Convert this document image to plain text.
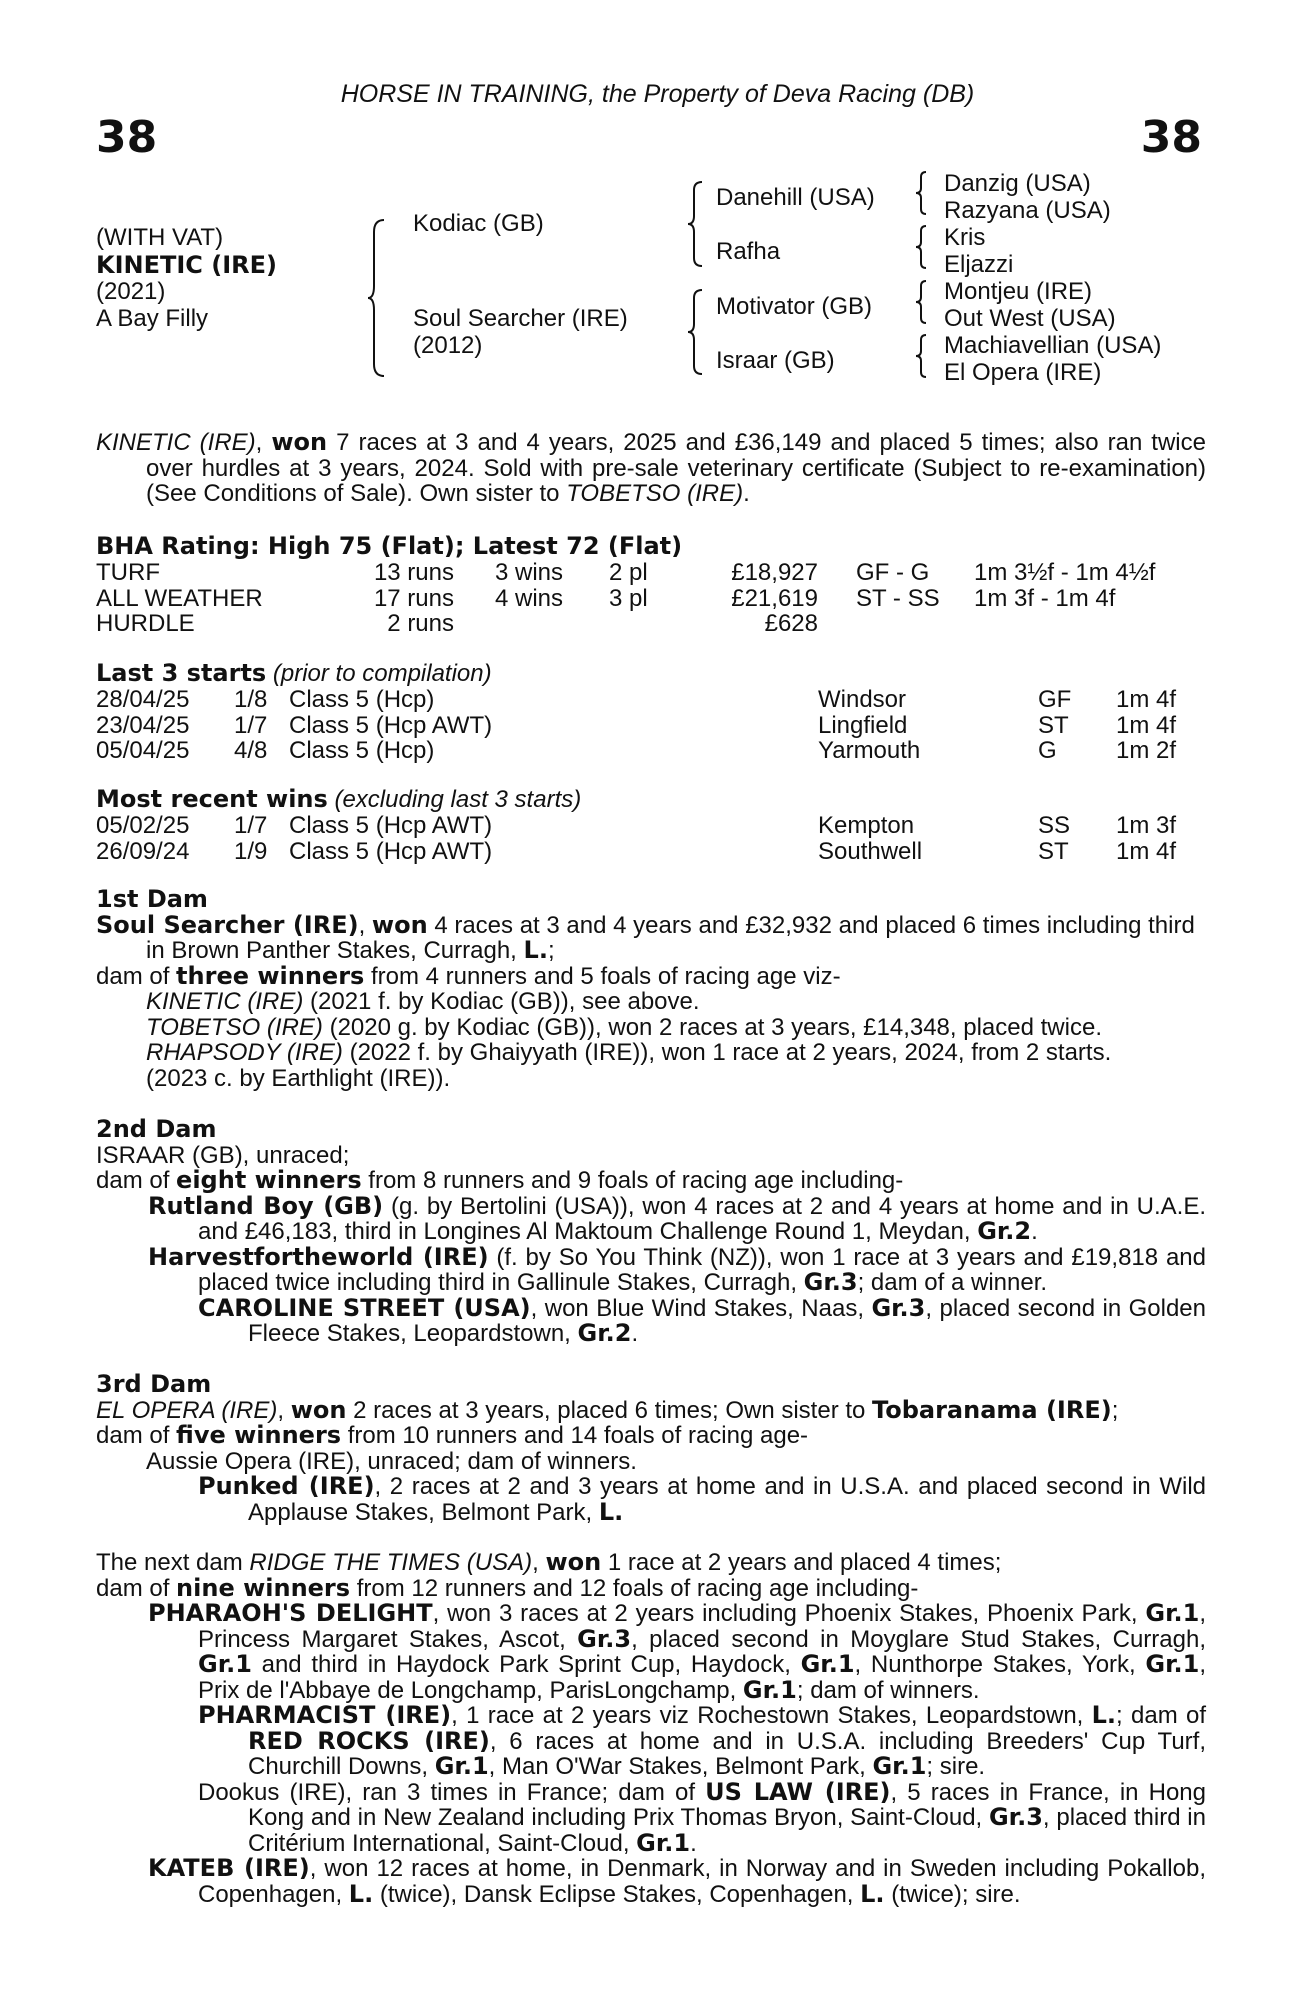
HORSE IN TRAINING, the Property of Deva Racing (DB)
38	38
(WITH VAT)
KINETIC (IRE)
(2021)
A Bay Filly
Kodiac (GB)
Soul Searcher (IRE)
(2012)
Danehill (USA)
Rafha
Motivator (GB)
Israar (GB)
Danzig (USA)
Razyana (USA)
Kris
Eljazzi
Montjeu (IRE)
Out West (USA)
Machiavellian (USA)
El Opera (IRE)

KINETIC (IRE), won 7 races at 3 and 4 years, 2025 and £36,149 and placed 5 times; also ran twice over hurdles at 3 years, 2024. Sold with pre-sale veterinary certificate (Subject to re-examination) (See Conditions of Sale). Own sister to TOBETSO (IRE).

BHA Rating: High 75 (Flat); Latest 72 (Flat)
TURF	13 runs 3 wins 2 pl	£18,927 GF - G 1m 3½f - 1m 4½f
ALL WEATHER	17 runs 4 wins 3 pl	£21,619 ST - SS 1m 3f - 1m 4f
HURDLE	2 runs	£628
Last 3 starts (prior to compilation)
28/04/25 1/8 Class 5 (Hcp)	Windsor	GF 1m 4f
23/04/25 1/7 Class 5 (Hcp AWT)	Lingfield	ST 1m 4f
05/04/25 4/8 Class 5 (Hcp)	Yarmouth	G 1m 2f
Most recent wins (excluding last 3 starts)
05/02/25 1/7 Class 5 (Hcp AWT)	Kempton	SS 1m 3f
26/09/24 1/9 Class 5 (Hcp AWT)	Southwell	ST 1m 4f

1st Dam

Soul Searcher (IRE), won 4 races at 3 and 4 years and £32,932 and placed 6 times including third in Brown Panther Stakes, Curragh, L.;

dam of three winners from 4 runners and 5 foals of racing age viz-

KINETIC (IRE) (2021 f. by Kodiac (GB)), see above.

TOBETSO (IRE) (2020 g. by Kodiac (GB)), won 2 races at 3 years, £14,348, placed twice.

RHAPSODY (IRE) (2022 f. by Ghaiyyath (IRE)), won 1 race at 2 years, 2024, from 2 starts.

(2023 c. by Earthlight (IRE)).

2nd Dam

ISRAAR (GB), unraced;

dam of eight winners from 8 runners and 9 foals of racing age including-

Rutland Boy (GB) (g. by Bertolini (USA)), won 4 races at 2 and 4 years at home and in U.A.E. and £46,183, third in Longines Al Maktoum Challenge Round 1, Meydan, Gr.2.

Harvestfortheworld (IRE) (f. by So You Think (NZ)), won 1 race at 3 years and £19,818 and placed twice including third in Gallinule Stakes, Curragh, Gr.3; dam of a winner.

CAROLINE STREET (USA), won Blue Wind Stakes, Naas, Gr.3, placed second in Golden Fleece Stakes, Leopardstown, Gr.2.

3rd Dam

EL OPERA (IRE), won 2 races at 3 years, placed 6 times; Own sister to Tobaranama (IRE);

dam of five winners from 10 runners and 14 foals of racing age-

Aussie Opera (IRE), unraced; dam of winners.

Punked (IRE), 2 races at 2 and 3 years at home and in U.S.A. and placed second in Wild Applause Stakes, Belmont Park, L.

The next dam RIDGE THE TIMES (USA), won 1 race at 2 years and placed 4 times;

dam of nine winners from 12 runners and 12 foals of racing age including-

PHARAOH'S DELIGHT, won 3 races at 2 years including Phoenix Stakes, Phoenix Park, Gr.1, Princess Margaret Stakes, Ascot, Gr.3, placed second in Moyglare Stud Stakes, Curragh, Gr.1 and third in Haydock Park Sprint Cup, Haydock, Gr.1, Nunthorpe Stakes, York, Gr.1, Prix de l'Abbaye de Longchamp, ParisLongchamp, Gr.1; dam of winners.

PHARMACIST (IRE), 1 race at 2 years viz Rochestown Stakes, Leopardstown, L.; dam of RED ROCKS (IRE), 6 races at home and in U.S.A. including Breeders' Cup Turf, Churchill Downs, Gr.1, Man O'War Stakes, Belmont Park, Gr.1; sire.

Dookus (IRE), ran 3 times in France; dam of US LAW (IRE), 5 races in France, in Hong Kong and in New Zealand including Prix Thomas Bryon, Saint-Cloud, Gr.3, placed third in Critérium International, Saint-Cloud, Gr.1.

KATEB (IRE), won 12 races at home, in Denmark, in Norway and in Sweden including Pokallob, Copenhagen, L. (twice), Dansk Eclipse Stakes, Copenhagen, L. (twice); sire.
